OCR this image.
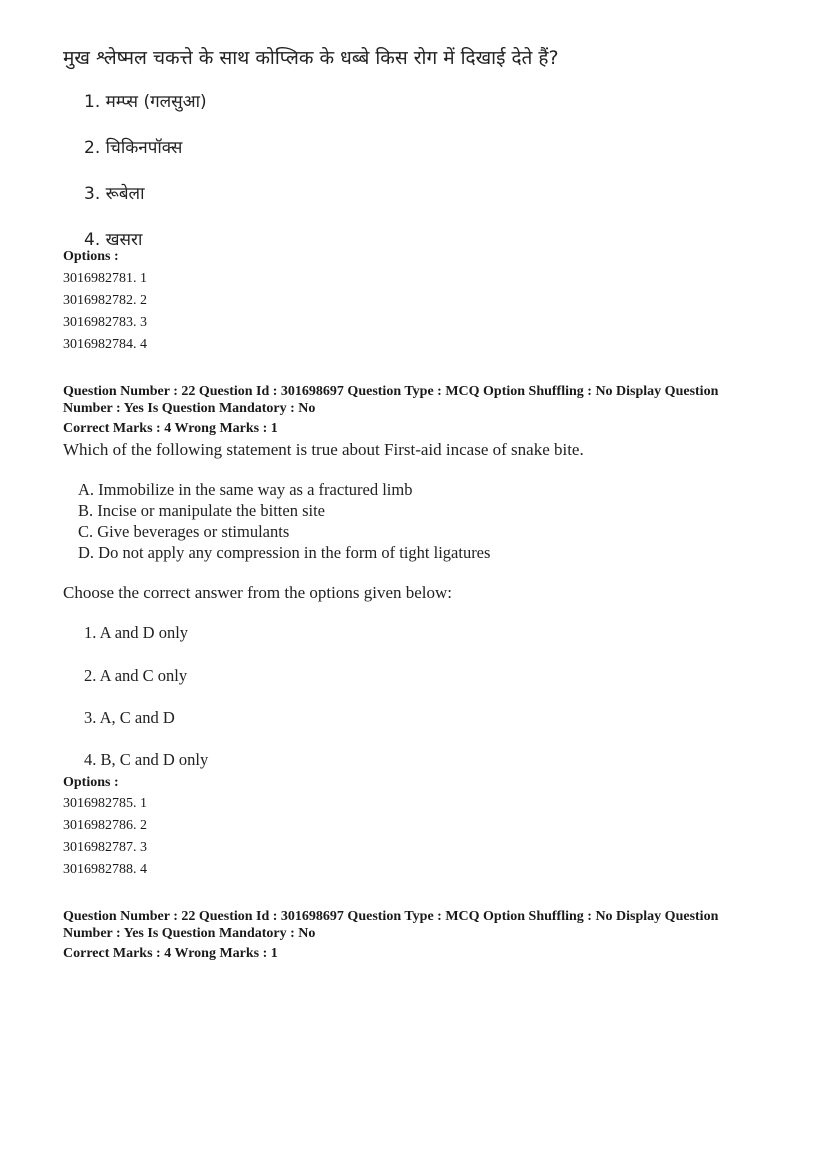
मुख श्लेष्मल चकत्ते के साथ कोप्लिक के धब्बे किस रोग में दिखाई देते हैं?
1. मम्प्स (गलसुआ)
2. चिकिनपॉक्स
3. रूबेला
4. खसरा
Options :
3016982781. 1
3016982782. 2
3016982783. 3
3016982784. 4
Question Number : 22 Question Id : 301698697 Question Type : MCQ Option Shuffling : No Display Question
Number : Yes Is Question Mandatory : No
Correct Marks : 4 Wrong Marks : 1
Which of the following statement is true about First-aid incase of snake bite.
A. Immobilize in the same way as a fractured limb
B. Incise or manipulate the bitten site
C. Give beverages or stimulants
D. Do not apply any compression in the form of tight ligatures
Choose the correct answer from the options given below:
1. A and D only
2. A and C only
3. A, C and D
4. B, C and D only
Options :
3016982785. 1
3016982786. 2
3016982787. 3
3016982788. 4
Question Number : 22 Question Id : 301698697 Question Type : MCQ Option Shuffling : No Display Question
Number : Yes Is Question Mandatory : No
Correct Marks : 4 Wrong Marks : 1
